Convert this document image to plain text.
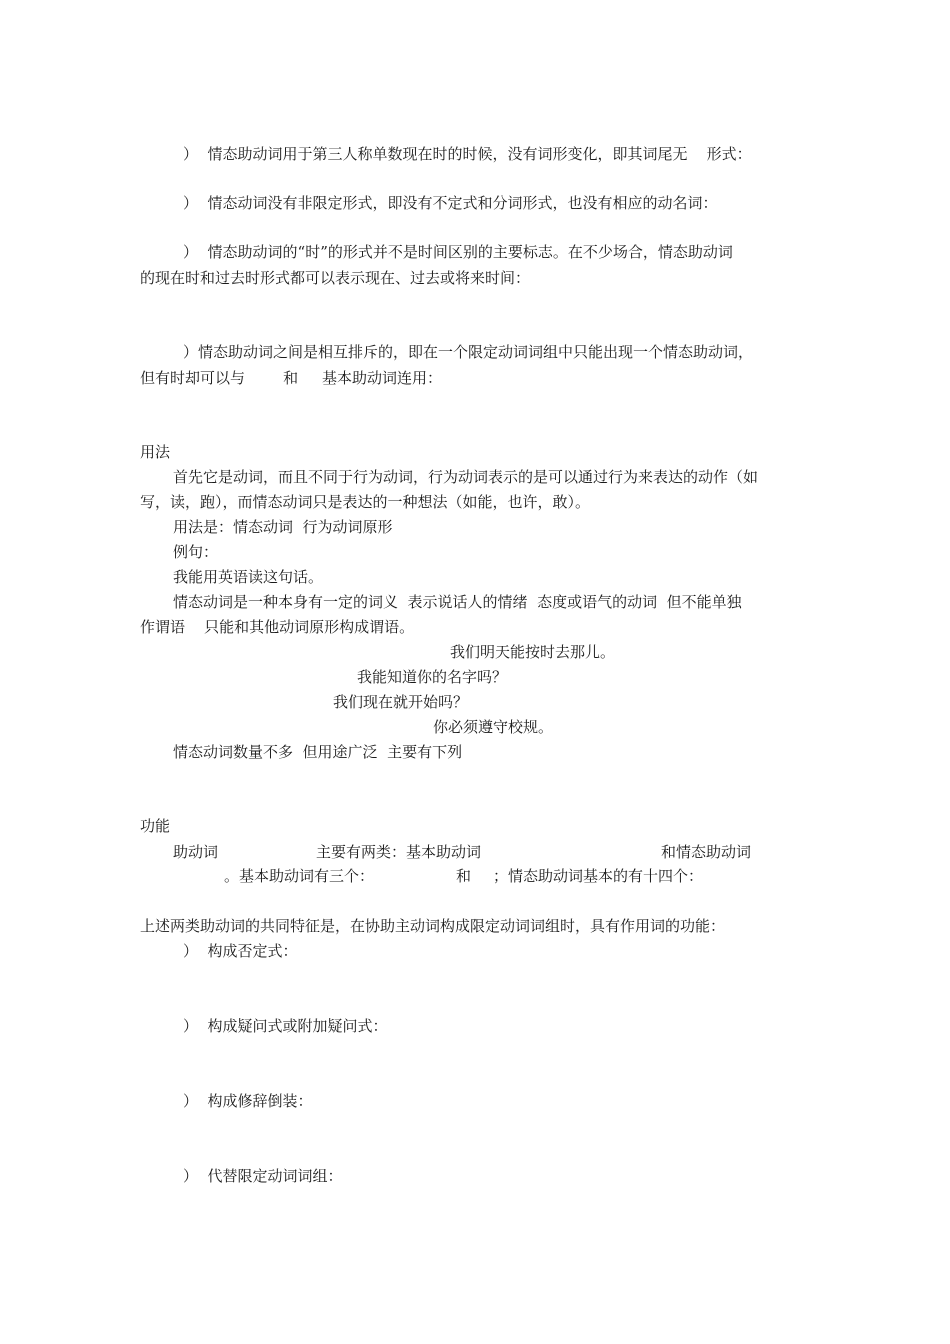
）  情态助动词用于第三人称单数现在时的时候，没有词形变化，即其词尾无    形式：
）  情态动词没有非限定形式，即没有不定式和分词形式，也没有相应的动名词：
）  情态助动词的“时”的形式并不是时间区别的主要标志。在不少场合，情态助动词
的现在时和过去时形式都可以表示现在、过去或将来时间：
）情态助动词之间是相互排斥的，即在一个限定动词词组中只能出现一个情态助动词，
但有时却可以与        和     基本助动词连用：
用法
首先它是动词，而且不同于行为动词，行为动词表示的是可以通过行为来表达的动作（如
写，读，跑），而情态动词只是表达的一种想法（如能，也许，敢）。
用法是：情态动词  行为动词原形
例句：
我能用英语读这句话。
情态动词是一种本身有一定的词义  表示说话人的情绪  态度或语气的动词  但不能单独
作谓语    只能和其他动词原形构成谓语。
我们明天能按时去那儿。
我能知道你的名字吗？
我们现在就开始吗？
你必须遵守校规。
情态动词数量不多  但用途广泛  主要有下列
功能
助动词	主要有两类：基本助动词	和情态助动词
。基本助动词有三个：	和 ；情态助动词基本的有十四个：
上述两类助动词的共同特征是，在协助主动词构成限定动词词组时，具有作用词的功能：
）  构成否定式：
）  构成疑问式或附加疑问式：
）  构成修辞倒装：
）  代替限定动词词组：
